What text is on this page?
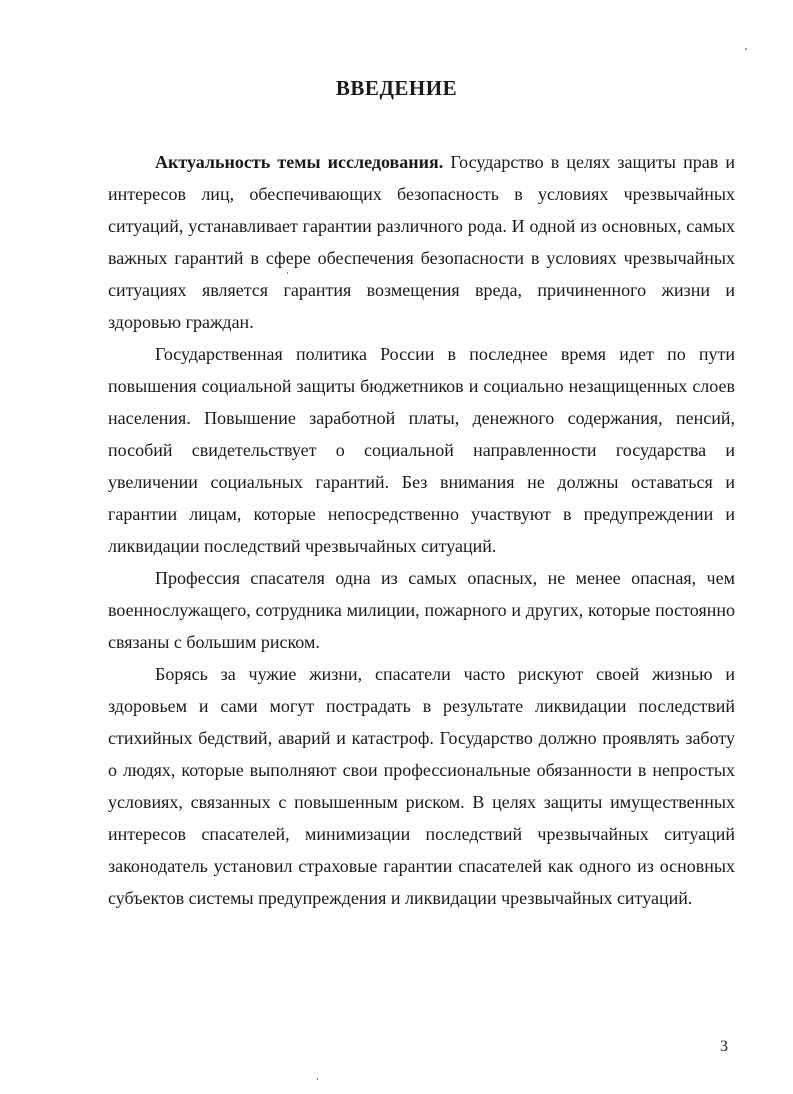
ВВЕДЕНИЕ

Актуальность темы исследования. Государство в целях защиты прав и интересов лиц, обеспечивающих безопасность в условиях чрезвычайных ситуаций, устанавливает гарантии различного рода. И одной из основных, самых важных гарантий в сфере обеспечения безопасности в условиях чрезвычайных ситуациях является гарантия возмещения вреда, причиненного жизни и здоровью граждан.

Государственная политика России в последнее время идет по пути повышения социальной защиты бюджетников и социально незащищенных слоев населения. Повышение заработной платы, денежного содержания, пенсий, пособий свидетельствует о социальной направленности государства и увеличении социальных гарантий. Без внимания не должны оставаться и гарантии лицам, которые непосредственно участвуют в предупреждении и ликвидации последствий чрезвычайных ситуаций.

Профессия спасателя одна из самых опасных, не менее опасная, чем военнослужащего, сотрудника милиции, пожарного и других, которые постоянно связаны с большим риском.

Борясь за чужие жизни, спасатели часто рискуют своей жизнью и здоровьем и сами могут пострадать в результате ликвидации последствий стихийных бедствий, аварий и катастроф. Государство должно проявлять заботу о людях, которые выполняют свои профессиональные обязанности в непростых условиях, связанных с повышенным риском. В целях защиты имущественных интересов спасателей, минимизации последствий чрезвычайных ситуаций законодатель установил страховые гарантии спасателей как одного из основных субъектов системы предупреждения и ликвидации чрезвычайных ситуаций.

3
